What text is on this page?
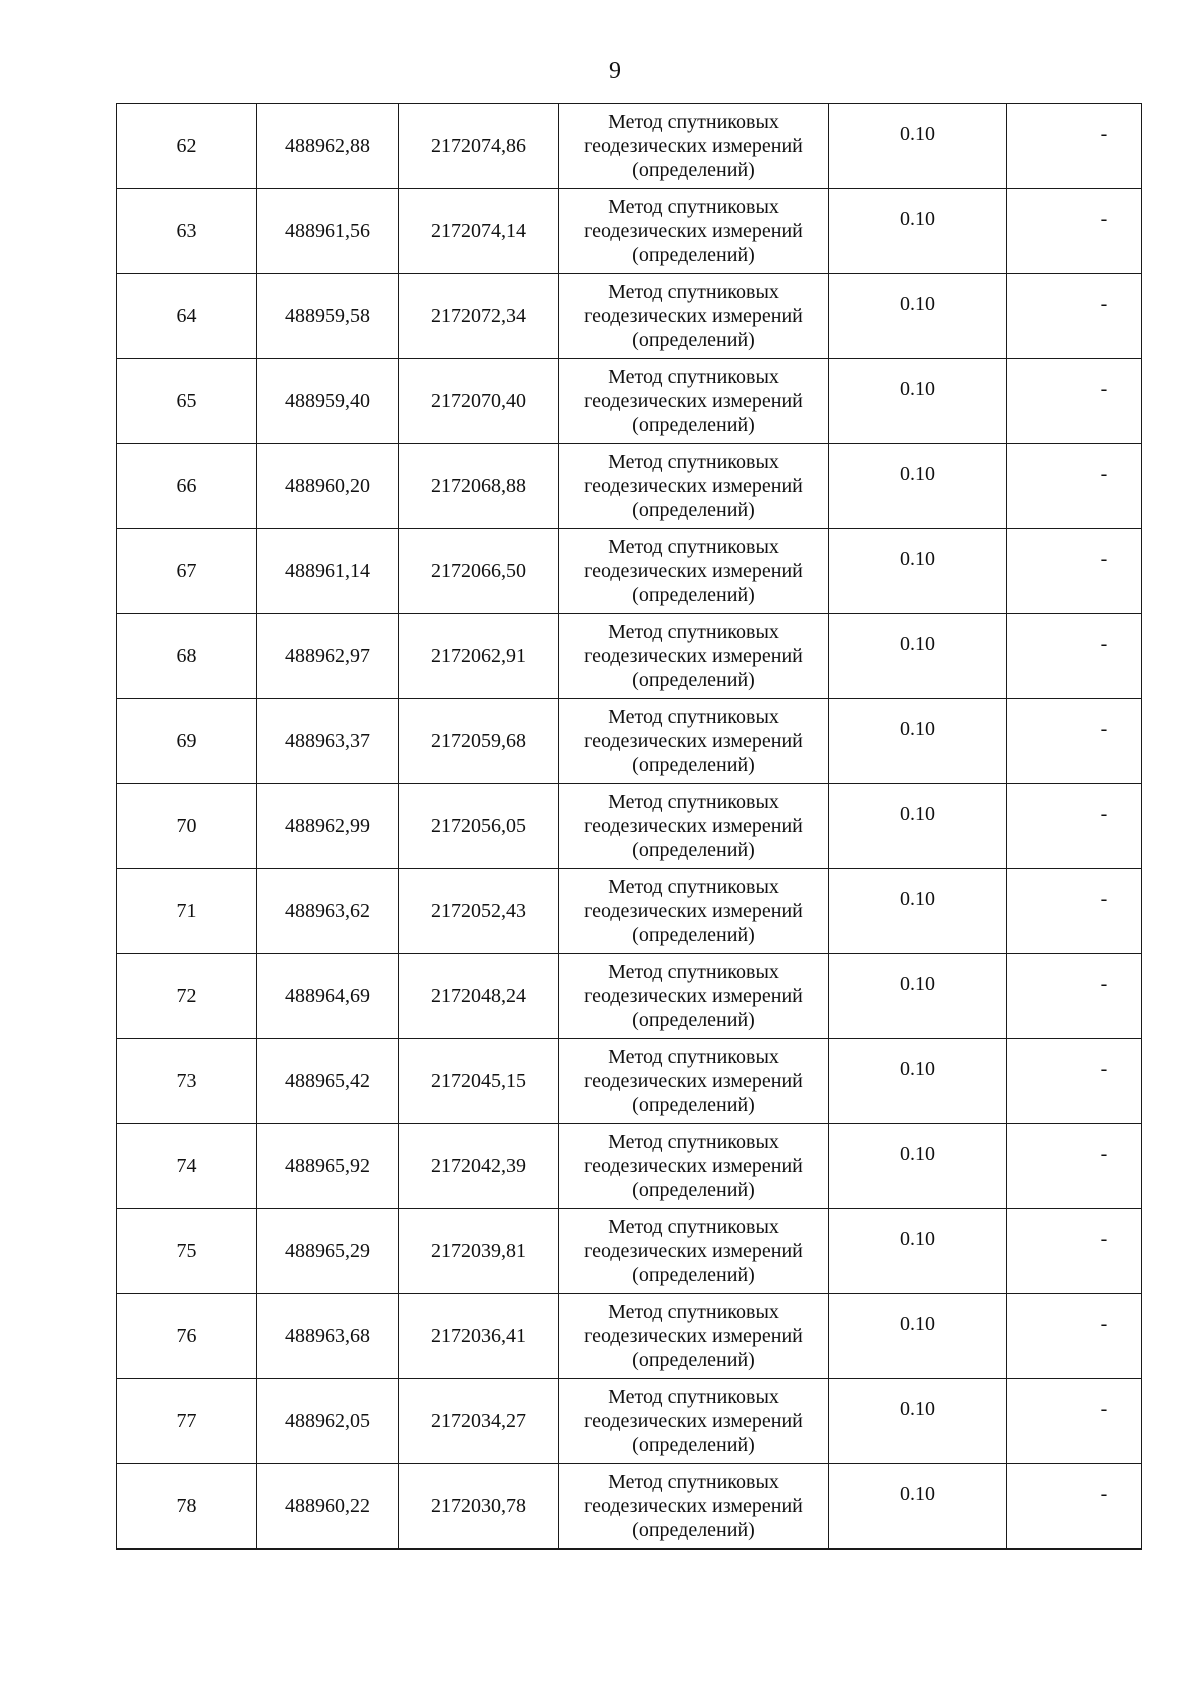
9
62	488962,88	2172074,86	Метод спутниковых
геодезических измерений
(определений)	0.10	-
63	488961,56	2172074,14	Метод спутниковых
геодезических измерений
(определений)	0.10	-
64	488959,58	2172072,34	Метод спутниковых
геодезических измерений
(определений)	0.10	-
65	488959,40	2172070,40	Метод спутниковых
геодезических измерений
(определений)	0.10	-
66	488960,20	2172068,88	Метод спутниковых
геодезических измерений
(определений)	0.10	-
67	488961,14	2172066,50	Метод спутниковых
геодезических измерений
(определений)	0.10	-
68	488962,97	2172062,91	Метод спутниковых
геодезических измерений
(определений)	0.10	-
69	488963,37	2172059,68	Метод спутниковых
геодезических измерений
(определений)	0.10	-
70	488962,99	2172056,05	Метод спутниковых
геодезических измерений
(определений)	0.10	-
71	488963,62	2172052,43	Метод спутниковых
геодезических измерений
(определений)	0.10	-
72	488964,69	2172048,24	Метод спутниковых
геодезических измерений
(определений)	0.10	-
73	488965,42	2172045,15	Метод спутниковых
геодезических измерений
(определений)	0.10	-
74	488965,92	2172042,39	Метод спутниковых
геодезических измерений
(определений)	0.10	-
75	488965,29	2172039,81	Метод спутниковых
геодезических измерений
(определений)	0.10	-
76	488963,68	2172036,41	Метод спутниковых
геодезических измерений
(определений)	0.10	-
77	488962,05	2172034,27	Метод спутниковых
геодезических измерений
(определений)	0.10	-
78	488960,22	2172030,78	Метод спутниковых
геодезических измерений
(определений)	0.10	-
